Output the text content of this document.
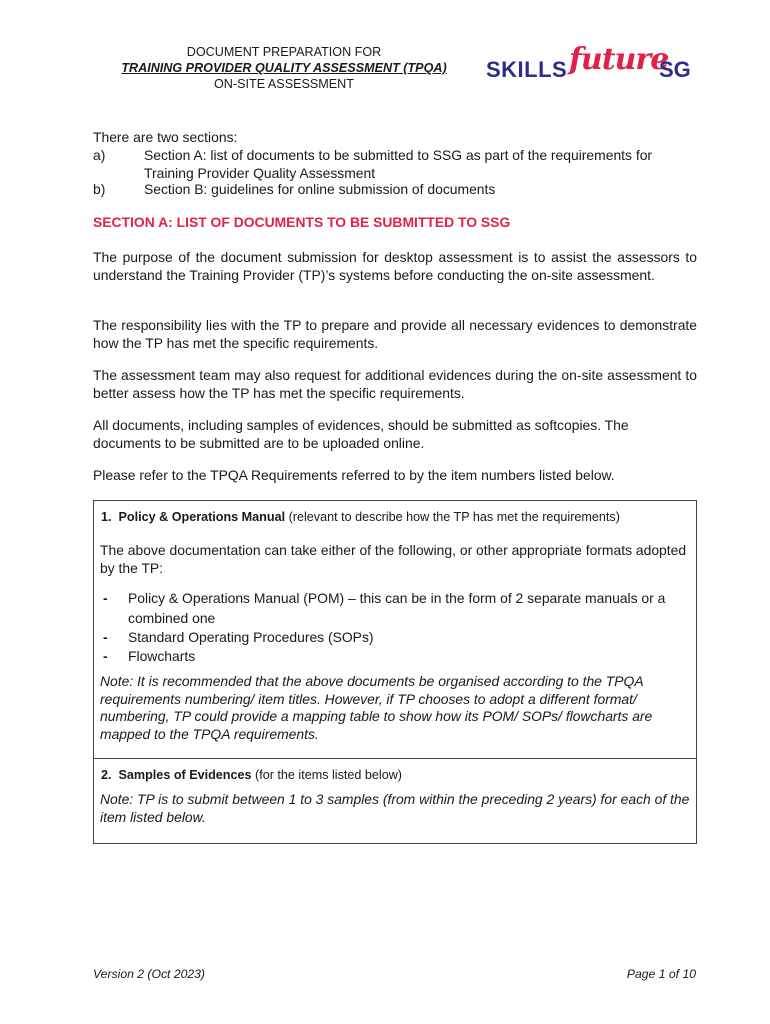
DOCUMENT PREPARATION FOR
TRAINING PROVIDER QUALITY ASSESSMENT (TPQA)
ON-SITE ASSESSMENT
SKILLS future
SG
There are two sections:
a)	Section A: list of documents to be submitted to SSG as part of the requirements for Training Provider Quality Assessment
b)	Section B: guidelines for online submission of documents
SECTION A: LIST OF DOCUMENTS TO BE SUBMITTED TO SSG
The purpose of the document submission for desktop assessment is to assist the assessors to understand the Training Provider (TP)’s systems before conducting the on-site assessment.
The responsibility lies with the TP to prepare and provide all necessary evidences to demonstrate how the TP has met the specific requirements.
The assessment team may also request for additional evidences during the on-site assessment to better assess how the TP has met the specific requirements.
All documents, including samples of evidences, should be submitted as softcopies. The documents to be submitted are to be uploaded online.
Please refer to the TPQA Requirements referred to by the item numbers listed below.
1. Policy & Operations Manual (relevant to describe how the TP has met the requirements)
The above documentation can take either of the following, or other appropriate formats adopted by the TP:
- Policy & Operations Manual (POM) – this can be in the form of 2 separate manuals or a combined one
- Standard Operating Procedures (SOPs)
- Flowcharts
Note: It is recommended that the above documents be organised according to the TPQA requirements numbering/ item titles. However, if TP chooses to adopt a different format/ numbering, TP could provide a mapping table to show how its POM/ SOPs/ flowcharts are mapped to the TPQA requirements.
2. Samples of Evidences (for the items listed below)
Note: TP is to submit between 1 to 3 samples (from within the preceding 2 years) for each of the item listed below.
Version 2 (Oct 2023)	Page 1 of 10
